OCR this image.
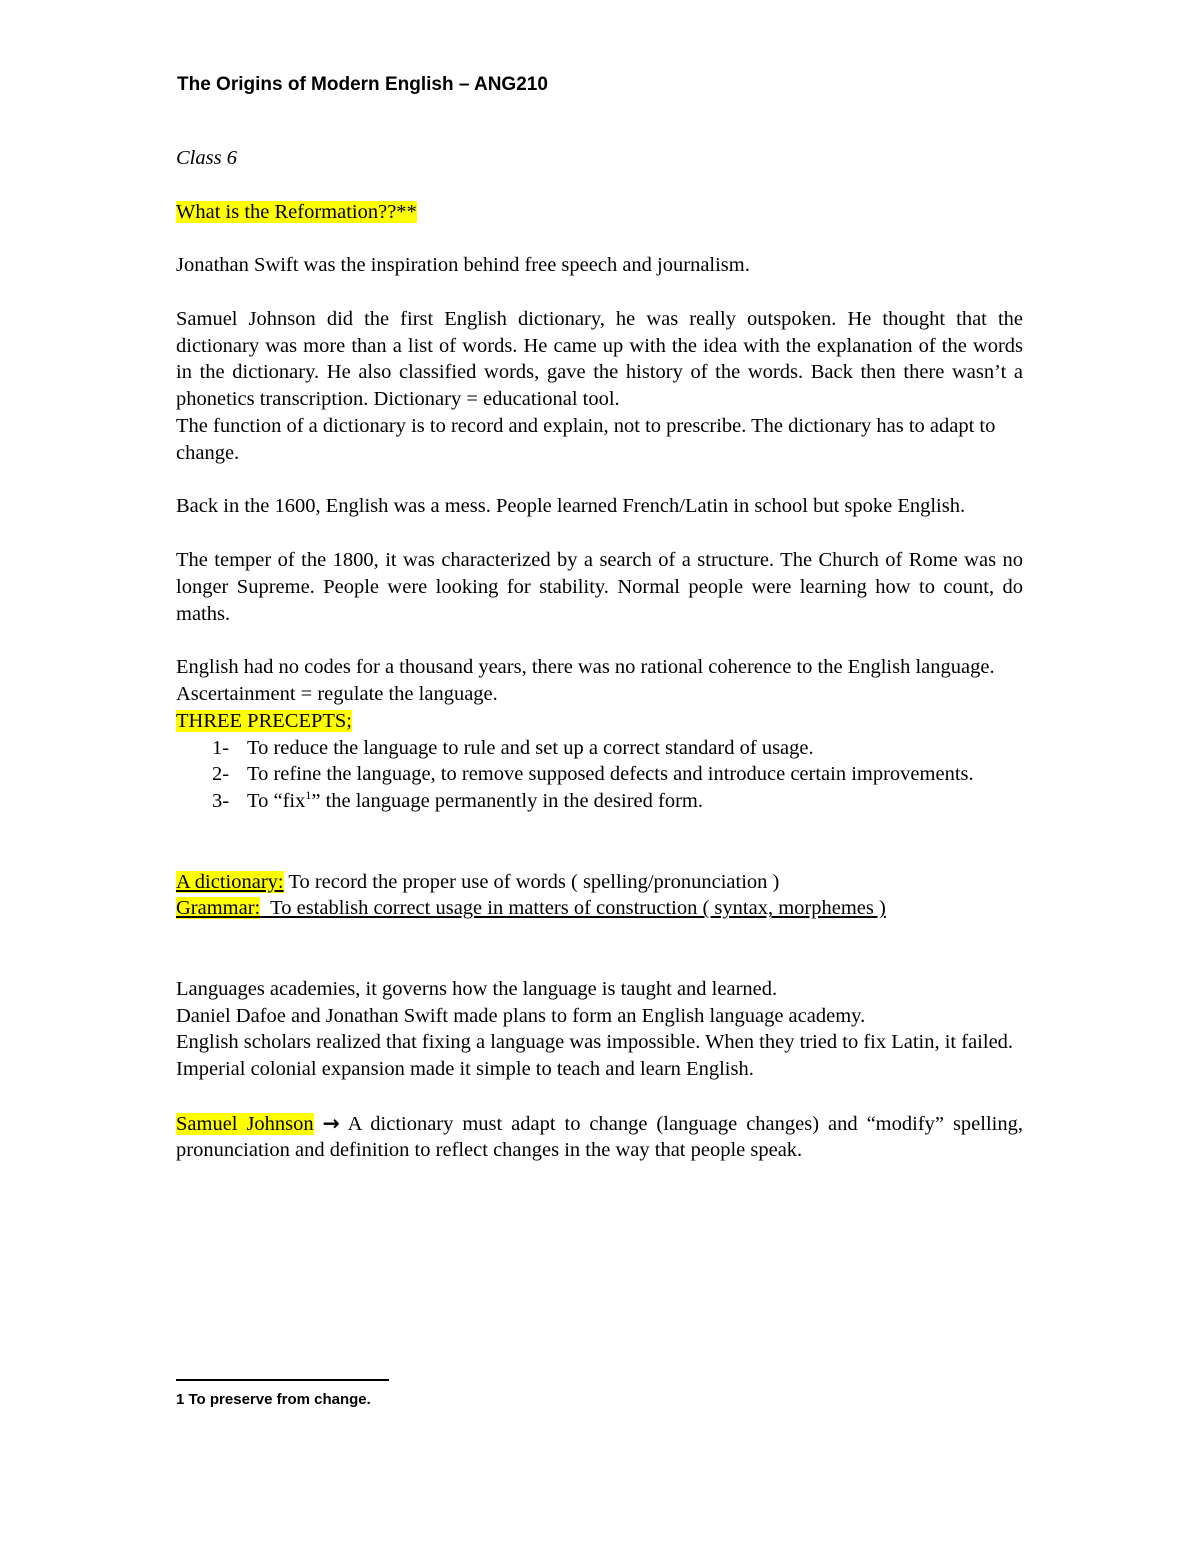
The Origins of Modern English – ANG210

Class 6

What is the Reformation??**

Jonathan Swift was the inspiration behind free speech and journalism.

Samuel Johnson did the first English dictionary, he was really outspoken. He thought that the dictionary was more than a list of words. He came up with the idea with the explanation of the words in the dictionary. He also classified words, gave the history of the words. Back then there wasn’t a phonetics transcription. Dictionary = educational tool.

The function of a dictionary is to record and explain, not to prescribe. The dictionary has to adapt to change.

Back in the 1600, English was a mess. People learned French/Latin in school but spoke English.

The temper of the 1800, it was characterized by a search of a structure. The Church of Rome was no longer Supreme. People were looking for stability. Normal people were learning how to count, do maths.

English had no codes for a thousand years, there was no rational coherence to the English language.

Ascertainment = regulate the language.

THREE PRECEPTS;

1- To reduce the language to rule and set up a correct standard of usage.
2- To refine the language, to remove supposed defects and introduce certain improvements.
3- To “fix$^1$” the language permanently in the desired form.

A dictionary: To record the proper use of words ( spelling/pronunciation )

Grammar:  To establish correct usage in matters of construction ( syntax, morphemes )

Languages academies, it governs how the language is taught and learned.

Daniel Dafoe and Jonathan Swift made plans to form an English language academy.

English scholars realized that fixing a language was impossible. When they tried to fix Latin, it failed.

Imperial colonial expansion made it simple to teach and learn English.

Samuel Johnson → A dictionary must adapt to change (language changes) and “modify” spelling, pronunciation and definition to reflect changes in the way that people speak.

1 To preserve from change.
